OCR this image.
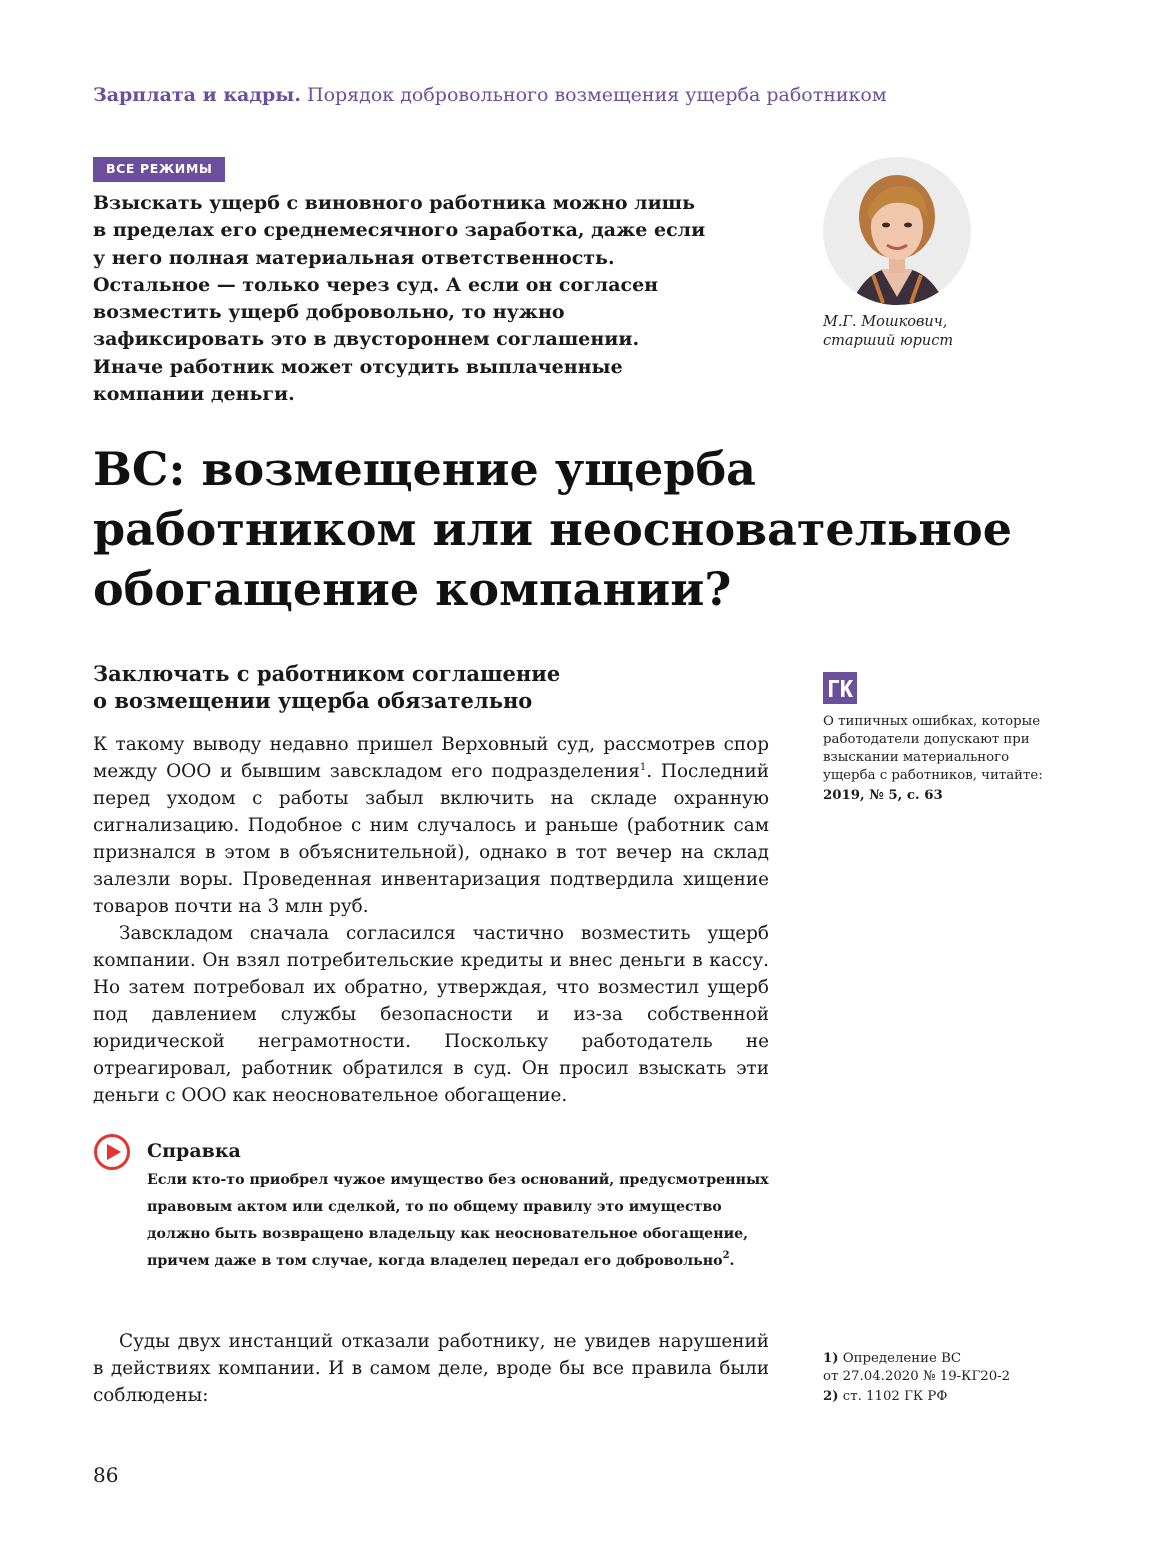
Зарплата и кадры. Порядок добровольного возмещения ущерба работником
ВСЕ РЕЖИМЫ
Взыскать ущерб с виновного работника можно лишь
в пределах его среднемесячного заработка, даже если
у него полная материальная ответственность.
Остальное — только через суд. А если он согласен
возместить ущерб добровольно, то нужно
зафиксировать это в двустороннем соглашении.
Иначе работник может отсудить выплаченные
компании деньги.
М.Г. Мошкович,
старший юрист
ВС: возмещение ущерба
работником или неосновательное
обогащение компании?
Заключать с работником соглашение
о возмещении ущерба обязательно

К такому выводу недавно пришел Верховный суд, рассмотрев спор между ООО и бывшим завскладом его подразделения$^1$. Последний перед уходом с работы забыл включить на складе охранную сигнализацию. Подобное с ним случалось и раньше (работник сам признался в этом в объяснительной), однако в тот вечер на склад залезли воры. Проведенная инвентаризация подтвердила хищение товаров почти на 3 млн руб.

Завскладом сначала согласился частично возместить ущерб компании. Он взял потребительские кредиты и внес деньги в кассу. Но затем потребовал их обратно, утверждая, что возместил ущерб под давлением службы безопасности и из-за собственной юридической неграмотности. Поскольку работодатель не отреагировал, работник обратился в суд. Он просил взыскать эти деньги с ООО как неосновательное обогащение.

О типичных ошибках, которые работодатели допускают при взыскании материального ущерба с работников, читайте:
2019, № 5, с. 63
Справка
Если кто-то приобрел чужое имущество без оснований, предусмотренных правовым актом или сделкой, то по общему правилу это имущество должно быть возвращено владельцу как неосновательное обогащение, причем даже в том случае, когда владелец передал его добровольно$^2$.

Суды двух инстанций отказали работнику, не увидев нарушений в действиях компании. И в самом деле, вроде бы все правила были соблюдены:

1) Определение ВС
от 27.04.2020 № 19-КГ20-2
2) ст. 1102 ГК РФ
86
